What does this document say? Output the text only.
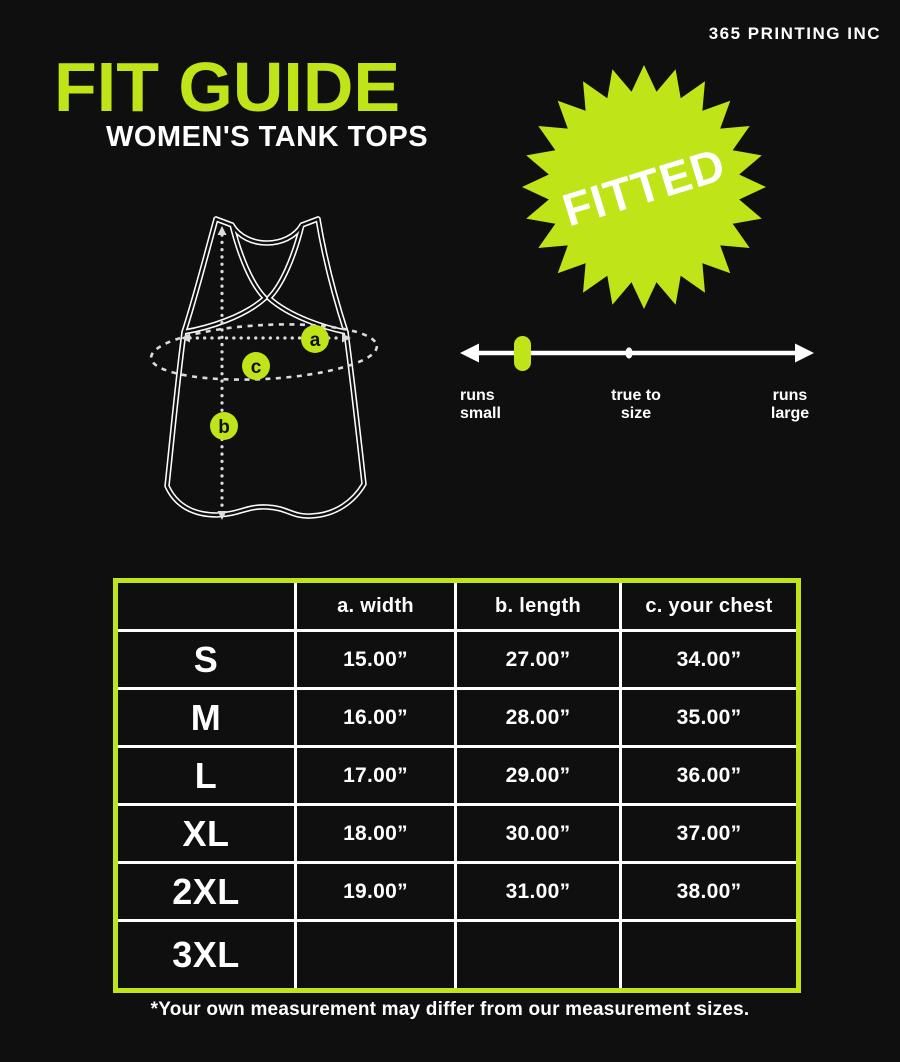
365 PRINTING INC
FIT GUIDE
WOMEN'S TANK TOPS
FITTED
a
c
b
runs
small
true to
size
runs
large
	a. width	b. length	c. your chest
S	15.00”	27.00”	34.00”
M	16.00”	28.00”	35.00”
L	17.00”	29.00”	36.00”
XL	18.00”	30.00”	37.00”
2XL	19.00”	31.00”	38.00”
3XL			
*Your own measurement may differ from our measurement sizes.
